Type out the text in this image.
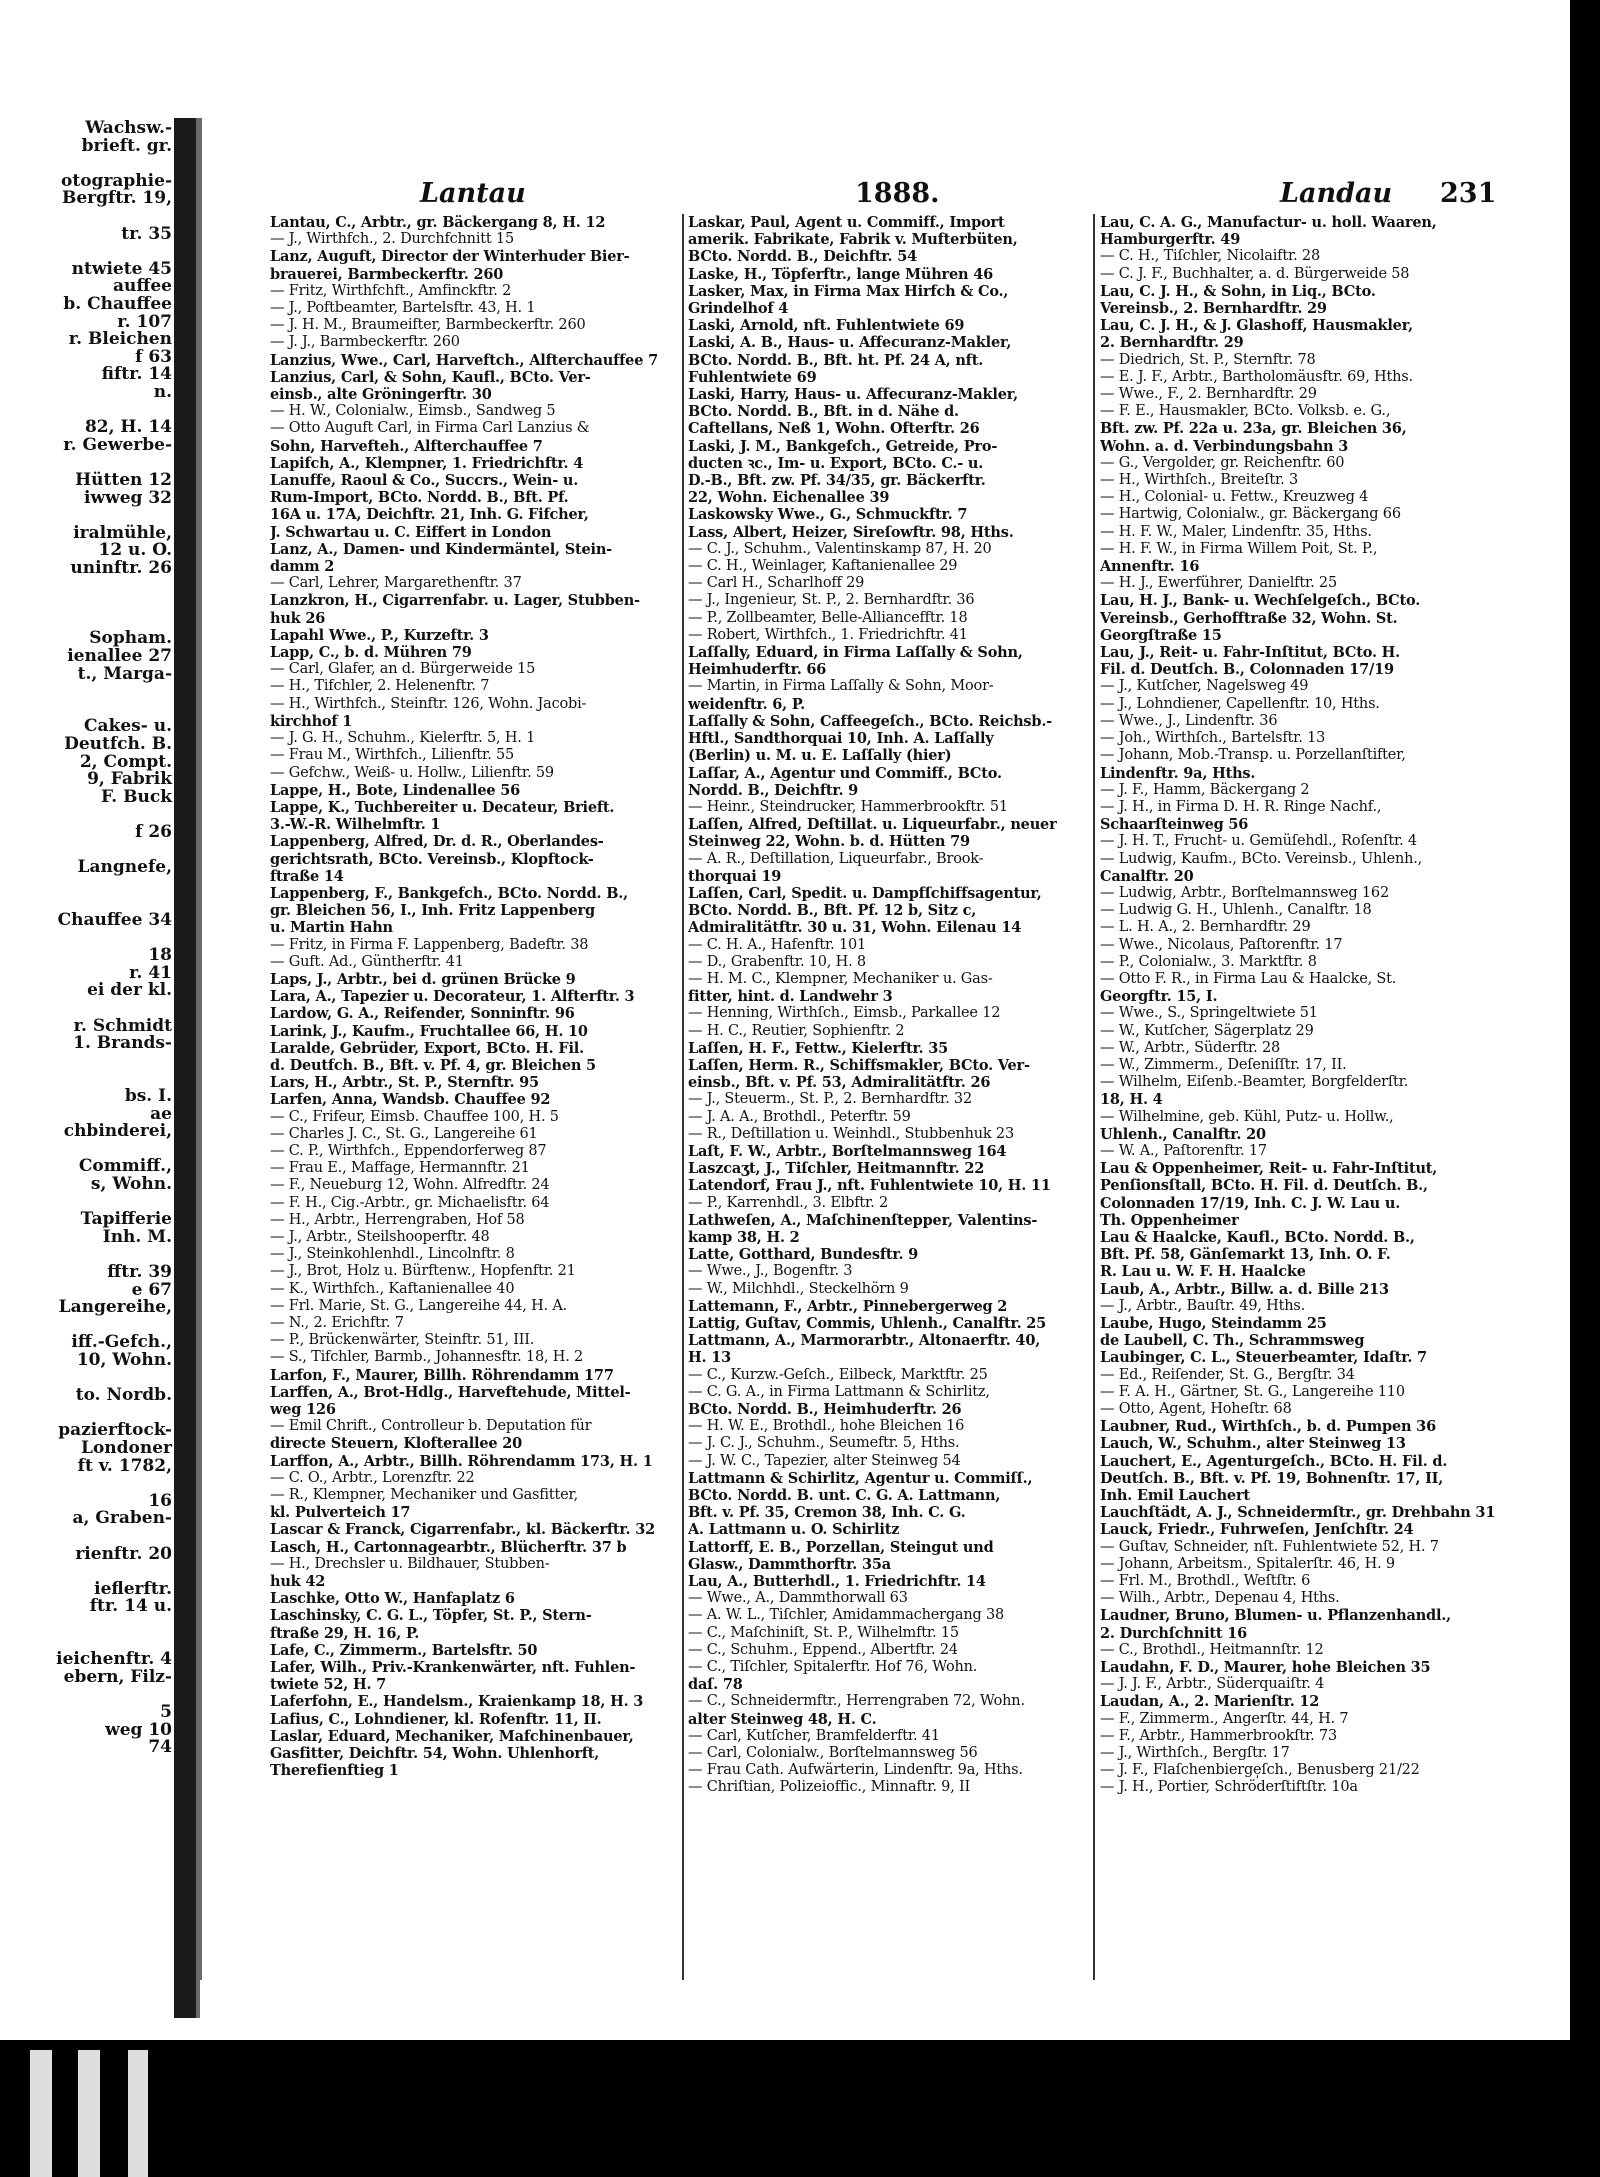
Wachsw.-
brieft. gr.
otographie-
Bergftr. 19,
tr. 35
ntwiete 45
auffee
b. Chauffee
r. 107
r. Bleichen
f 63
fiftr. 14
n.
82, H. 14
r. Gewerbe-
Hütten 12
iwweg 32
iralmühle,
12 u. O.
uninftr. 26
Sopham.
ienallee 27
t., Marga-
Cakes- u.
Deutfch. B.
2, Compt.
9, Fabrik
F. Buck
f 26
Langnefe,
Chauffee 34
18
r. 41
ei der kl.
r. Schmidt
1. Brands-
bs. I.
ae
chbinderei,
Commiff.,
s, Wohn.
Tapifferie
Inh. M.
fftr. 39
e 67
Langereihe,
iff.-Gefch.,
10, Wohn.
to. Nordb.
pazierftock-
Londoner
ft v. 1782,
16
a, Graben-
rienftr. 20
ieflerftr.
ftr. 14 u.
ieichenftr. 4
ebern, Filz-
5
weg 10
74
Lantau	1888.	Landau 231

Lantau, C., Arbtr., gr. Bäckergang 8, H. 12

— J., Wirthfch., 2. Durchfchnitt 15

Lanz, Auguft, Director der Winterhuder Bier-

brauerei, Barmbeckerftr. 260

— Fritz, Wirthfchft., Amfinckftr. 2

— J., Poftbeamter, Bartelsftr. 43, H. 1

— J. H. M., Braumeifter, Barmbeckerftr. 260

— J. J., Barmbeckerftr. 260

Lanzius, Wwe., Carl, Harveftch., Alfterchauffee 7

Lanzius, Carl, & Sohn, Kaufl., BCto. Ver-

einsb., alte Gröningerftr. 30

— H. W., Colonialw., Eimsb., Sandweg 5

— Otto Auguft Carl, in Firma Carl Lanzius &

Sohn, Harvefteh., Alfterchauffee 7

Lapifch, A., Klempner, 1. Friedrichftr. 4

Lanuffe, Raoul & Co., Succrs., Wein- u.

Rum-Import, BCto. Nordd. B., Bft. Pf.

16A u. 17A, Deichftr. 21, Inh. G. Fifcher,

J. Schwartau u. C. Eiffert in London

Lanz, A., Damen- und Kindermäntel, Stein-

damm 2

— Carl, Lehrer, Margarethenftr. 37

Lanzkron, H., Cigarrenfabr. u. Lager, Stubben-

huk 26

Lapahl Wwe., P., Kurzeftr. 3

Lapp, C., b. d. Mühren 79

— Carl, Glafer, an d. Bürgerweide 15

— H., Tifchler, 2. Helenenftr. 7

— H., Wirthfch., Steinftr. 126, Wohn. Jacobi-

kirchhof 1

— J. G. H., Schuhm., Kielerftr. 5, H. 1

— Frau M., Wirthfch., Lilienftr. 55

— Gefchw., Weiß- u. Hollw., Lilienftr. 59

Lappe, H., Bote, Lindenallee 56

Lappe, K., Tuchbereiter u. Decateur, Brieft.

3.-W.-R. Wilhelmftr. 1

Lappenberg, Alfred, Dr. d. R., Oberlandes-

gerichtsrath, BCto. Vereinsb., Klopftock-

ftraße 14

Lappenberg, F., Bankgefch., BCto. Nordd. B.,

gr. Bleichen 56, I., Inh. Fritz Lappenberg

u. Martin Hahn

— Fritz, in Firma F. Lappenberg, Badeftr. 38

— Guft. Ad., Güntherftr. 41

Laps, J., Arbtr., bei d. grünen Brücke 9

Lara, A., Tapezier u. Decorateur, 1. Alfterftr. 3

Lardow, G. A., Reifender, Sonninftr. 96

Larink, J., Kaufm., Fruchtallee 66, H. 10

Laralde, Gebrüder, Export, BCto. H. Fil.

d. Deutfch. B., Bft. v. Pf. 4, gr. Bleichen 5

Lars, H., Arbtr., St. P., Sternftr. 95

Larfen, Anna, Wandsb. Chauffee 92

— C., Frifeur, Eimsb. Chauffee 100, H. 5

— Charles J. C., St. G., Langereihe 61

— C. P., Wirthfch., Eppendorferweg 87

— Frau E., Maffage, Hermannftr. 21

— F., Neueburg 12, Wohn. Alfredftr. 24

— F. H., Cig.-Arbtr., gr. Michaelisftr. 64

— H., Arbtr., Herrengraben, Hof 58

— J., Arbtr., Steilshooperftr. 48

— J., Steinkohlenhdl., Lincolnftr. 8

— J., Brot, Holz u. Bürftenw., Hopfenftr. 21

— K., Wirthfch., Kaftanienallee 40

— Frl. Marie, St. G., Langereihe 44, H. A.

— N., 2. Erichftr. 7

— P., Brückenwärter, Steinftr. 51, III.

— S., Tifchler, Barmb., Johannesftr. 18, H. 2

Larfon, F., Maurer, Billh. Röhrendamm 177

Larffen, A., Brot-Hdlg., Harveftehude, Mittel-

weg 126

— Emil Chrift., Controlleur b. Deputation für

directe Steuern, Klofterallee 20

Larffon, A., Arbtr., Billh. Röhrendamm 173, H. 1

— C. O., Arbtr., Lorenzftr. 22

— R., Klempner, Mechaniker und Gasfitter,

kl. Pulverteich 17

Lascar & Franck, Cigarrenfabr., kl. Bäckerftr. 32

Lasch, H., Cartonnagearbtr., Blücherftr. 37 b

— H., Drechsler u. Bildhauer, Stubben-

huk 42

Laschke, Otto W., Hanfaplatz 6

Laschinsky, C. G. L., Töpfer, St. P., Stern-

ftraße 29, H. 16, P.

Lafe, C., Zimmerm., Bartelsftr. 50

Lafer, Wilh., Priv.-Krankenwärter, nft. Fuhlen-

twiete 52, H. 7

Laferfohn, E., Handelsm., Kraienkamp 18, H. 3

Lafius, C., Lohndiener, kl. Rofenftr. 11, II.

Laslar, Eduard, Mechaniker, Mafchinenbauer,

Gasfitter, Deichftr. 54, Wohn. Uhlenhorft,

Therefienftieg 1

Laskar, Paul, Agent u. Commiff., Import

amerik. Fabrikate, Fabrik v. Mufterbüten,

BCto. Nordd. B., Deichftr. 54

Laske, H., Töpferftr., lange Mühren 46

Lasker, Max, in Firma Max Hirfch & Co.,

Grindelhof 4

Laski, Arnold, nft. Fuhlentwiete 69

Laski, A. B., Haus- u. Affecuranz-Makler,

BCto. Nordd. B., Bft. ht. Pf. 24 A, nft.

Fuhlentwiete 69

Laski, Harry, Haus- u. Affecuranz-Makler,

BCto. Nordd. B., Bft. in d. Nähe d.

Caftellans, Neß 1, Wohn. Ofterftr. 26

Laski, J. M., Bankgefch., Getreide, Pro-

ducten ꝛc., Im- u. Export, BCto. C.- u.

D.-B., Bft. zw. Pf. 34/35, gr. Bäckerftr.

22, Wohn. Eichenallee 39

Laskowsky Wwe., G., Schmuckftr. 7

Lass, Albert, Heizer, Sireſowftr. 98, Hths.

— C. J., Schuhm., Valentinskamp 87, H. 20

— C. H., Weinlager, Kaftanienallee 29

— Carl H., Scharlhoff 29

— J., Ingenieur, St. P., 2. Bernhardftr. 36

— P., Zollbeamter, Belle-Alliancefftr. 18

— Robert, Wirthfch., 1. Friedrichftr. 41

Laſſally, Eduard, in Firma Laſſally & Sohn,

Heimhuderftr. 66

— Martin, in Firma Laſſally & Sohn, Moor-

weidenftr. 6, P.

Laſſally & Sohn, Caffeegeſch., BCto. Reichsb.-

Hftl., Sandthorquai 10, Inh. A. Laſſally

(Berlin) u. M. u. E. Laſſally (hier)

Laſſar, A., Agentur und Commiff., BCto.

Nordd. B., Deichftr. 9

— Heinr., Steindrucker, Hammerbrookftr. 51

Laſſen, Alfred, Deſtillat. u. Liqueurfabr., neuer

Steinweg 22, Wohn. b. d. Hütten 79

— A. R., Deſtillation, Liqueurfabr., Brook-

thorquai 19

Laſſen, Carl, Spedit. u. Dampfſchiffsagentur,

BCto. Nordd. B., Bft. Pf. 12 b, Sitz c,

Admiralitätftr. 30 u. 31, Wohn. Eilenau 14

— C. H. A., Hafenftr. 101

— D., Grabenftr. 10, H. 8

— H. M. C., Klempner, Mechaniker u. Gas-

fitter, hint. d. Landwehr 3

— Henning, Wirthſch., Eimsb., Parkallee 12

— H. C., Reutier, Sophienftr. 2

Laſſen, H. F., Fettw., Kielerftr. 35

Laſſen, Herm. R., Schiffsmakler, BCto. Ver-

einsb., Bft. v. Pf. 53, Admiralitätftr. 26

— J., Steuerm., St. P., 2. Bernhardftr. 32

— J. A. A., Brothdl., Peterftr. 59

— R., Deſtillation u. Weinhdl., Stubbenhuk 23

Laſt, F. W., Arbtr., Borſtelmannsweg 164

Laszcaʒt, J., Tiſchler, Heitmannftr. 22

Latendorf, Frau J., nft. Fuhlentwiete 10, H. 11

— P., Karrenhdl., 3. Elbftr. 2

Lathweſen, A., Maſchinenſtepper, Valentins-

kamp 38, H. 2

Latte, Gotthard, Bundesftr. 9

— Wwe., J., Bogenftr. 3

— W., Milchhdl., Steckelhörn 9

Lattemann, F., Arbtr., Pinnebergerweg 2

Lattig, Guſtav, Commis, Uhlenh., Canalftr. 25

Lattmann, A., Marmorarbtr., Altonaerftr. 40,

H. 13

— C., Kurzw.-Geſch., Eilbeck, Marktftr. 25

— C. G. A., in Firma Lattmann & Schirlitz,

BCto. Nordd. B., Heimhuderftr. 26

— H. W. E., Brothdl., hohe Bleichen 16

— J. C. J., Schuhm., Seumeftr. 5, Hths.

— J. W. C., Tapezier, alter Steinweg 54

Lattmann & Schirlitz, Agentur u. Commiſſ.,

BCto. Nordd. B. unt. C. G. A. Lattmann,

Bft. v. Pf. 35, Cremon 38, Inh. C. G.

A. Lattmann u. O. Schirlitz

Lattorff, E. B., Porzellan, Steingut und

Glasw., Dammthorftr. 35a

Lau, A., Butterhdl., 1. Friedrichftr. 14

— Wwe., A., Dammthorwall 63

— A. W. L., Tiſchler, Amidammachergang 38

— C., Maſchiniſt, St. P., Wilhelmftr. 15

— C., Schuhm., Eppend., Albertftr. 24

— C., Tiſchler, Spitalerftr. Hof 76, Wohn.

daſ. 78

— C., Schneidermftr., Herrengraben 72, Wohn.

alter Steinweg 48, H. C.

— Carl, Kutſcher, Bramfelderftr. 41

— Carl, Colonialw., Borſtelmannsweg 56

— Frau Cath. Aufwärterin, Lindenftr. 9a, Hths.

— Chriſtian, Polizeioffic., Minnaftr. 9, II

Lau, C. A. G., Manufactur- u. holl. Waaren,

Hamburgerftr. 49

— C. H., Tiſchler, Nicolaiftr. 28

— C. J. F., Buchhalter, a. d. Bürgerweide 58

Lau, C. J. H., & Sohn, in Liq., BCto.

Vereinsb., 2. Bernhardftr. 29

Lau, C. J. H., & J. Glashoff, Hausmakler,

2. Bernhardftr. 29

— Diedrich, St. P., Sternftr. 78

— E. J. F., Arbtr., Bartholomäusftr. 69, Hths.

— Wwe., F., 2. Bernhardftr. 29

— F. E., Hausmakler, BCto. Volksb. e. G.,

Bft. zw. Pf. 22a u. 23a, gr. Bleichen 36,

Wohn. a. d. Verbindungsbahn 3

— G., Vergolder, gr. Reichenftr. 60

— H., Wirthſch., Breiteſtr. 3

— H., Colonial- u. Fettw., Kreuzweg 4

— Hartwig, Colonialw., gr. Bäckergang 66

— H. F. W., Maler, Lindenftr. 35, Hths.

— H. F. W., in Firma Willem Poit, St. P.,

Annenftr. 16

— H. J., Ewerführer, Danielftr. 25

Lau, H. J., Bank- u. Wechſelgeſch., BCto.

Vereinsb., Gerhofftraße 32, Wohn. St.

Georgſtraße 15

Lau, J., Reit- u. Fahr-Inſtitut, BCto. H.

Fil. d. Deutſch. B., Colonnaden 17/19

— J., Kutſcher, Nagelsweg 49

— J., Lohndiener, Capellenftr. 10, Hths.

— Wwe., J., Lindenftr. 36

— Joh., Wirthſch., Bartelsftr. 13

— Johann, Mob.-Transp. u. Porzellanſtifter,

Lindenftr. 9a, Hths.

— J. F., Hamm, Bäckergang 2

— J. H., in Firma D. H. R. Ringe Nachf.,

Schaarſteinweg 56

— J. H. T., Frucht- u. Gemüſehdl., Roſenſtr. 4

— Ludwig, Kaufm., BCto. Vereinsb., Uhlenh.,

Canalftr. 20

— Ludwig, Arbtr., Borſtelmannsweg 162

— Ludwig G. H., Uhlenh., Canalftr. 18

— L. H. A., 2. Bernhardftr. 29

— Wwe., Nicolaus, Paſtorenftr. 17

— P., Colonialw., 3. Marktftr. 8

— Otto F. R., in Firma Lau & Haalcke, St.

Georgftr. 15, I.

— Wwe., S., Springeltwiete 51

— W., Kutſcher, Sägerplatz 29

— W., Arbtr., Süderftr. 28

— W., Zimmerm., Deſeniſſtr. 17, II.

— Wilhelm, Eiſenb.-Beamter, Borgfelderſtr.

18, H. 4

— Wilhelmine, geb. Kühl, Putz- u. Hollw.,

Uhlenh., Canalftr. 20

— W. A., Paſtorenftr. 17

Lau & Oppenheimer, Reit- u. Fahr-Inſtitut,

Penſionsſtall, BCto. H. Fil. d. Deutſch. B.,

Colonnaden 17/19, Inh. C. J. W. Lau u.

Th. Oppenheimer

Lau & Haalcke, Kaufl., BCto. Nordd. B.,

Bft. Pf. 58, Gänſemarkt 13, Inh. O. F.

R. Lau u. W. F. H. Haalcke

Laub, A., Arbtr., Billw. a. d. Bille 213

— J., Arbtr., Bauſtr. 49, Hths.

Laube, Hugo, Steindamm 25

de Laubell, C. Th., Schrammsweg

Laubinger, C. L., Steuerbeamter, Idaſtr. 7

— Ed., Reiſender, St. G., Bergſtr. 34

— F. A. H., Gärtner, St. G., Langereihe 110

— Otto, Agent, Hoheſtr. 68

Laubner, Rud., Wirthſch., b. d. Pumpen 36

Lauch, W., Schuhm., alter Steinweg 13

Lauchert, E., Agenturgeſch., BCto. H. Fil. d.

Deutſch. B., Bft. v. Pf. 19, Bohnenſtr. 17, II,

Inh. Emil Lauchert

Lauchſtädt, A. J., Schneidermſtr., gr. Drehbahn 31

Lauck, Friedr., Fuhrweſen, Jenſchſtr. 24

— Guſtav, Schneider, nſt. Fuhlentwiete 52, H. 7

— Johann, Arbeitsm., Spitalerſtr. 46, H. 9

— Frl. M., Brothdl., Weſtſtr. 6

— Wilh., Arbtr., Depenau 4, Hths.

Laudner, Bruno, Blumen- u. Pflanzenhandl.,

2. Durchſchnitt 16

— C., Brothdl., Heitmannſtr. 12

Laudahn, F. D., Maurer, hohe Bleichen 35

— J. J. F., Arbtr., Süderquaiſtr. 4

Laudan, A., 2. Marienſtr. 12

— F., Zimmerm., Angerſtr. 44, H. 7

— F., Arbtr., Hammerbrookſtr. 73

— J., Wirthſch., Bergſtr. 17

— J. F., Flaſchenbierge̩ſch., Benusberg 21/22

— J. H., Portier, Schröderſtiftſtr. 10a
